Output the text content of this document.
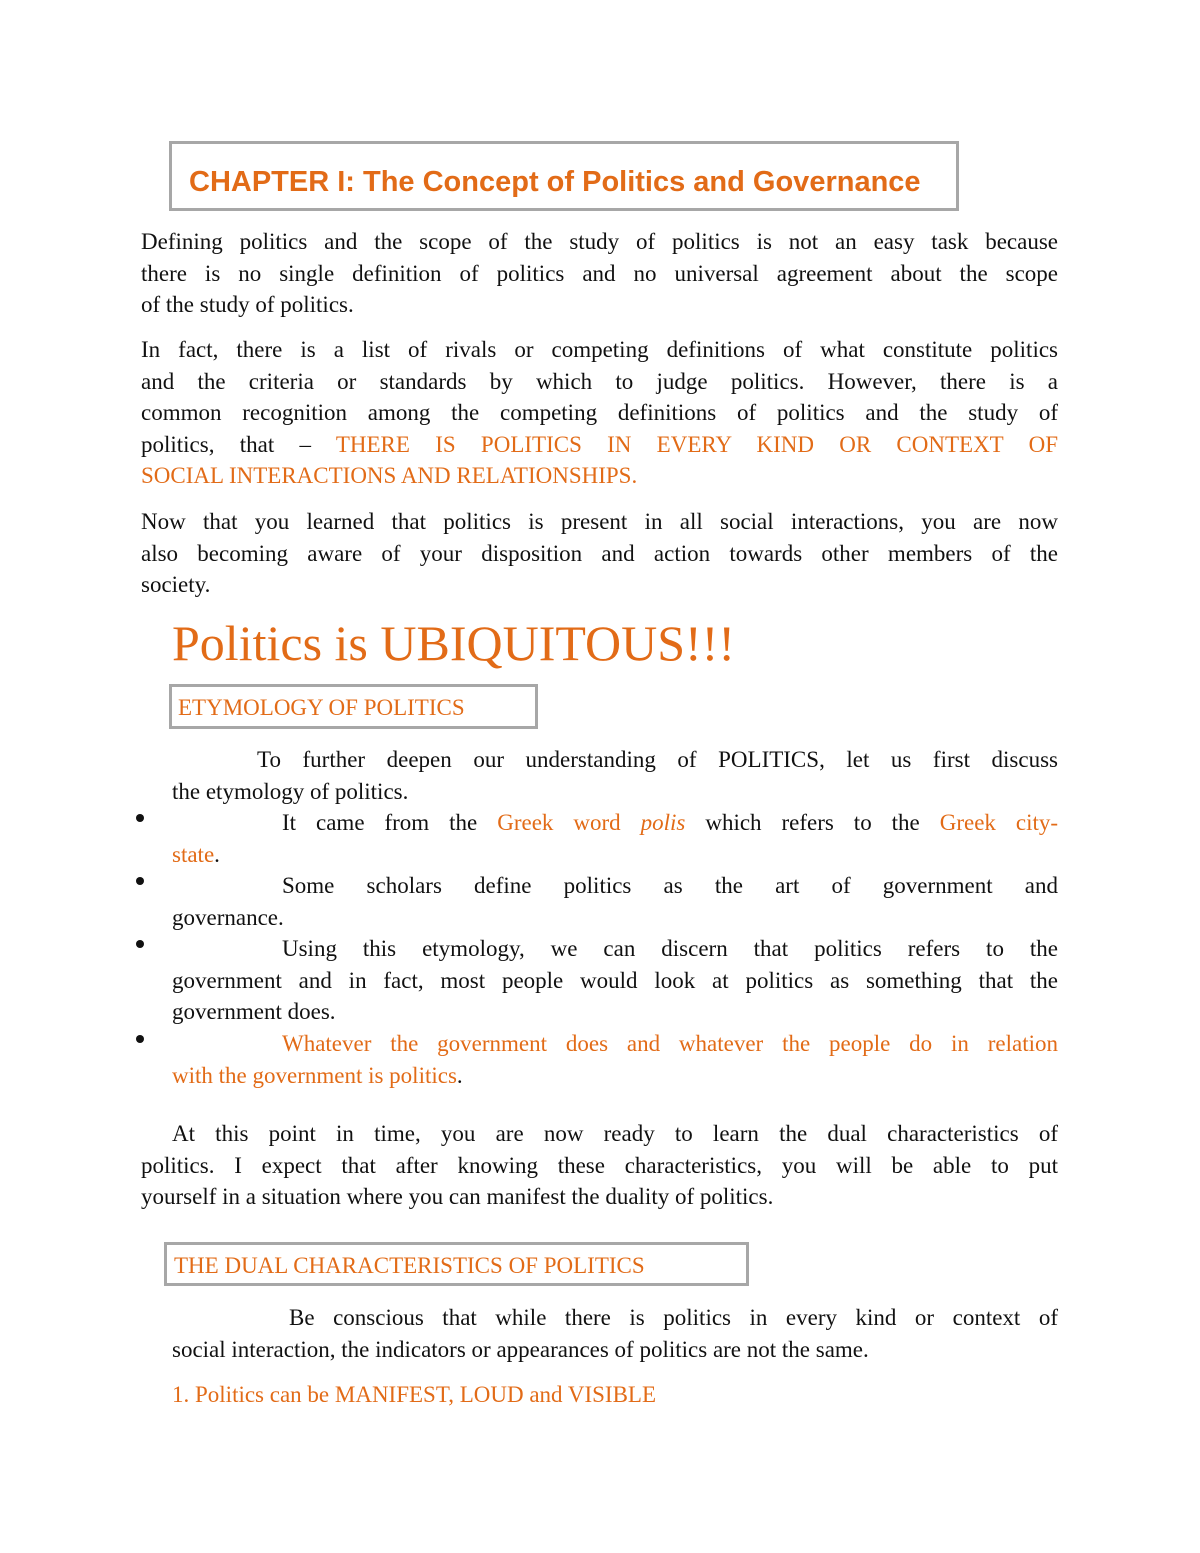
CHAPTER I: The Concept of Politics and Governance
Defining politics and the scope of the study of politics is not an easy task because
there is no single definition of politics and no universal agreement about the scope
of the study of politics.
In fact, there is a list of rivals or competing definitions of what constitute politics
and the criteria or standards by which to judge politics. However, there is a
common recognition among the competing definitions of politics and the study of
politics, that – THERE IS POLITICS IN EVERY KIND OR CONTEXT OF
SOCIAL INTERACTIONS AND RELATIONSHIPS.
Now that you learned that politics is present in all social interactions, you are now
also becoming aware of your disposition and action towards other members of the
society.
Politics is UBIQUITOUS!!!
ETYMOLOGY OF POLITICS
To further deepen our understanding of POLITICS, let us first discuss
the etymology of politics.
It came from the Greek word polis which refers to the Greek city-
state.
Some scholars define politics as the art of government and
governance.
Using this etymology, we can discern that politics refers to the
government and in fact, most people would look at politics as something that the
government does.
Whatever the government does and whatever the people do in relation
with the government is politics.
At this point in time, you are now ready to learn the dual characteristics of
politics. I expect that after knowing these characteristics, you will be able to put
yourself in a situation where you can manifest the duality of politics.
THE DUAL CHARACTERISTICS OF POLITICS
Be conscious that while there is politics in every kind or context of
social interaction, the indicators or appearances of politics are not the same.
1. Politics can be MANIFEST, LOUD and VISIBLE
